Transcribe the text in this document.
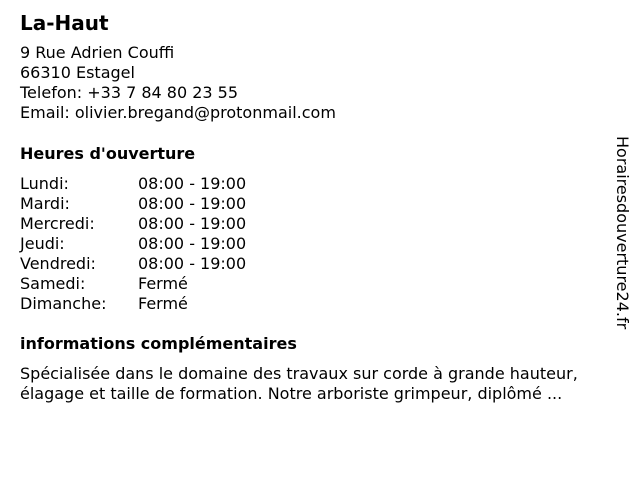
La-Haut
9 Rue Adrien Couffi
66310 Estagel
Telefon: +33 7 84 80 23 55
Email: olivier.bregand@protonmail.com
Heures d'ouverture
Lundi:	08:00 - 19:00
Mardi:	08:00 - 19:00
Mercredi:	08:00 - 19:00
Jeudi:	08:00 - 19:00
Vendredi:	08:00 - 19:00
Samedi:	Fermé
Dimanche:	Fermé
informations complémentaires
Spécialisée dans le domaine des travaux sur corde à grande hauteur,
élagage et taille de formation. Notre arboriste grimpeur, diplômé ...
Horairesdouverture24.fr
